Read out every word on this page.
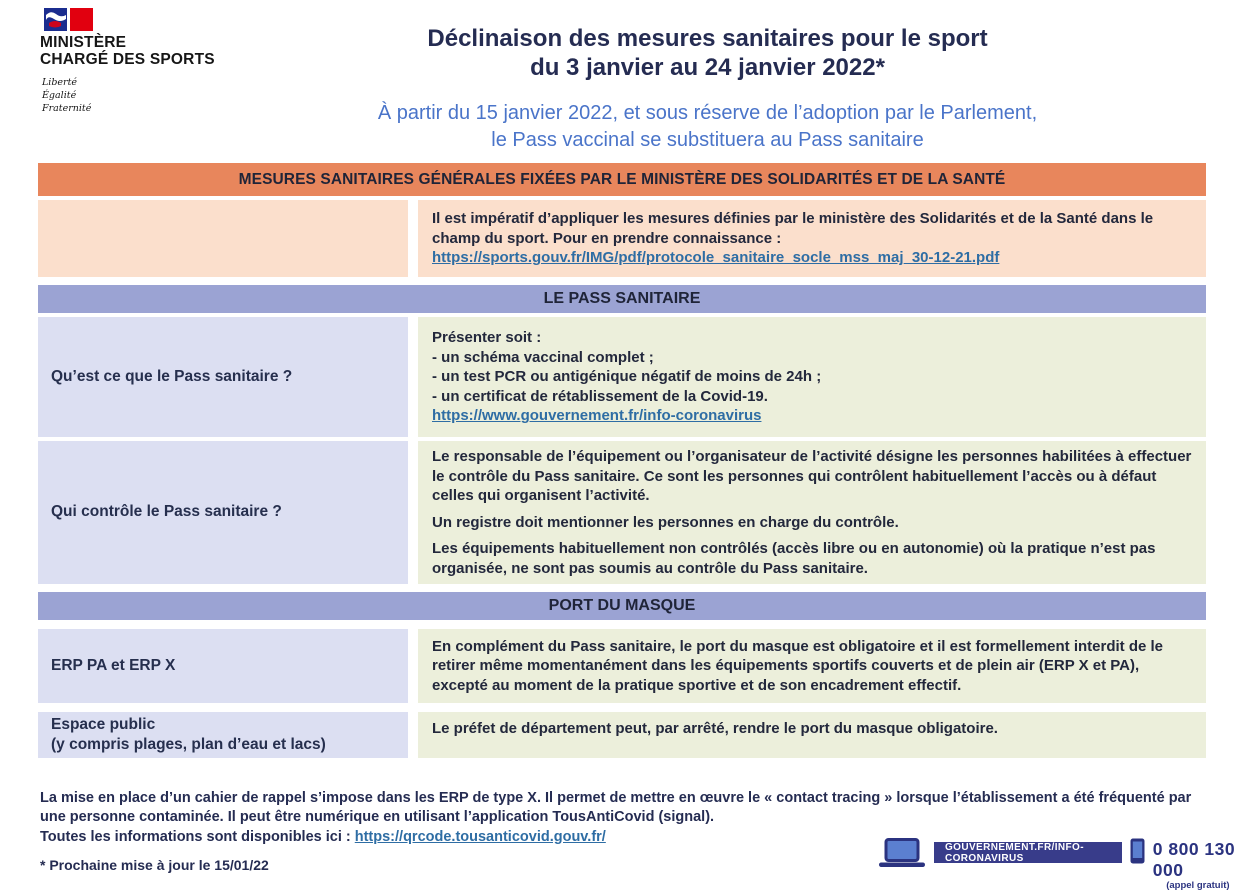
MINISTÈRE
CHARGÉ DES SPORTS
Liberté
Égalité
Fraternité
Déclinaison des mesures sanitaires pour le sport
du 3 janvier au 24 janvier 2022*
À partir du 15 janvier 2022, et sous réserve de l’adoption par le Parlement,
le Pass vaccinal se substituera au Pass sanitaire
MESURES SANITAIRES GÉNÉRALES FIXÉES PAR LE MINISTÈRE DES SOLIDARITÉS ET DE LA SANTÉ
Il est impératif d’appliquer les mesures définies par le ministère des Solidarités et de la Santé dans le champ du sport. Pour en prendre connaissance :
https://sports.gouv.fr/IMG/pdf/protocole_sanitaire_socle_mss_maj_30-12-21.pdf
LE PASS SANITAIRE
Qu’est ce que le Pass sanitaire ?
Présenter soit :
- un schéma vaccinal complet ;
- un test PCR ou antigénique négatif de moins de 24h ;
- un certificat de rétablissement de la Covid-19.
https://www.gouvernement.fr/info-coronavirus
Qui contrôle le Pass sanitaire ?
Le responsable de l’équipement ou l’organisateur de l’activité désigne les personnes habilitées à effectuer le contrôle du Pass sanitaire. Ce sont les personnes qui contrôlent habituellement l’accès ou à défaut celles qui organisent l’activité.
Un registre doit mentionner les personnes en charge du contrôle.
Les équipements habituellement non contrôlés (accès libre ou en autonomie) où la pratique n’est pas organisée, ne sont pas soumis au contrôle du Pass sanitaire.
PORT DU MASQUE
ERP PA et ERP X
En complément du Pass sanitaire, le port du masque est obligatoire et il est formellement interdit de le retirer même momentanément dans les équipements sportifs couverts et de plein air (ERP X et PA), excepté au moment de la pratique sportive et de son encadrement effectif.
Espace public
(y compris plages, plan d’eau et lacs)
Le préfet de département peut, par arrêté, rendre le port du masque obligatoire.
La mise en place d’un cahier de rappel s’impose dans les ERP de type X. Il permet de mettre en œuvre le « contact tracing » lorsque l’établissement a été fréquenté par une personne contaminée. Il peut être numérique en utilisant l’application TousAntiCovid (signal).
Toutes les informations sont disponibles ici : https://qrcode.tousanticovid.gouv.fr/
* Prochaine mise à jour le 15/01/22
GOUVERNEMENT.FR/INFO-CORONAVIRUS	0 800 130 000
(appel gratuit)
